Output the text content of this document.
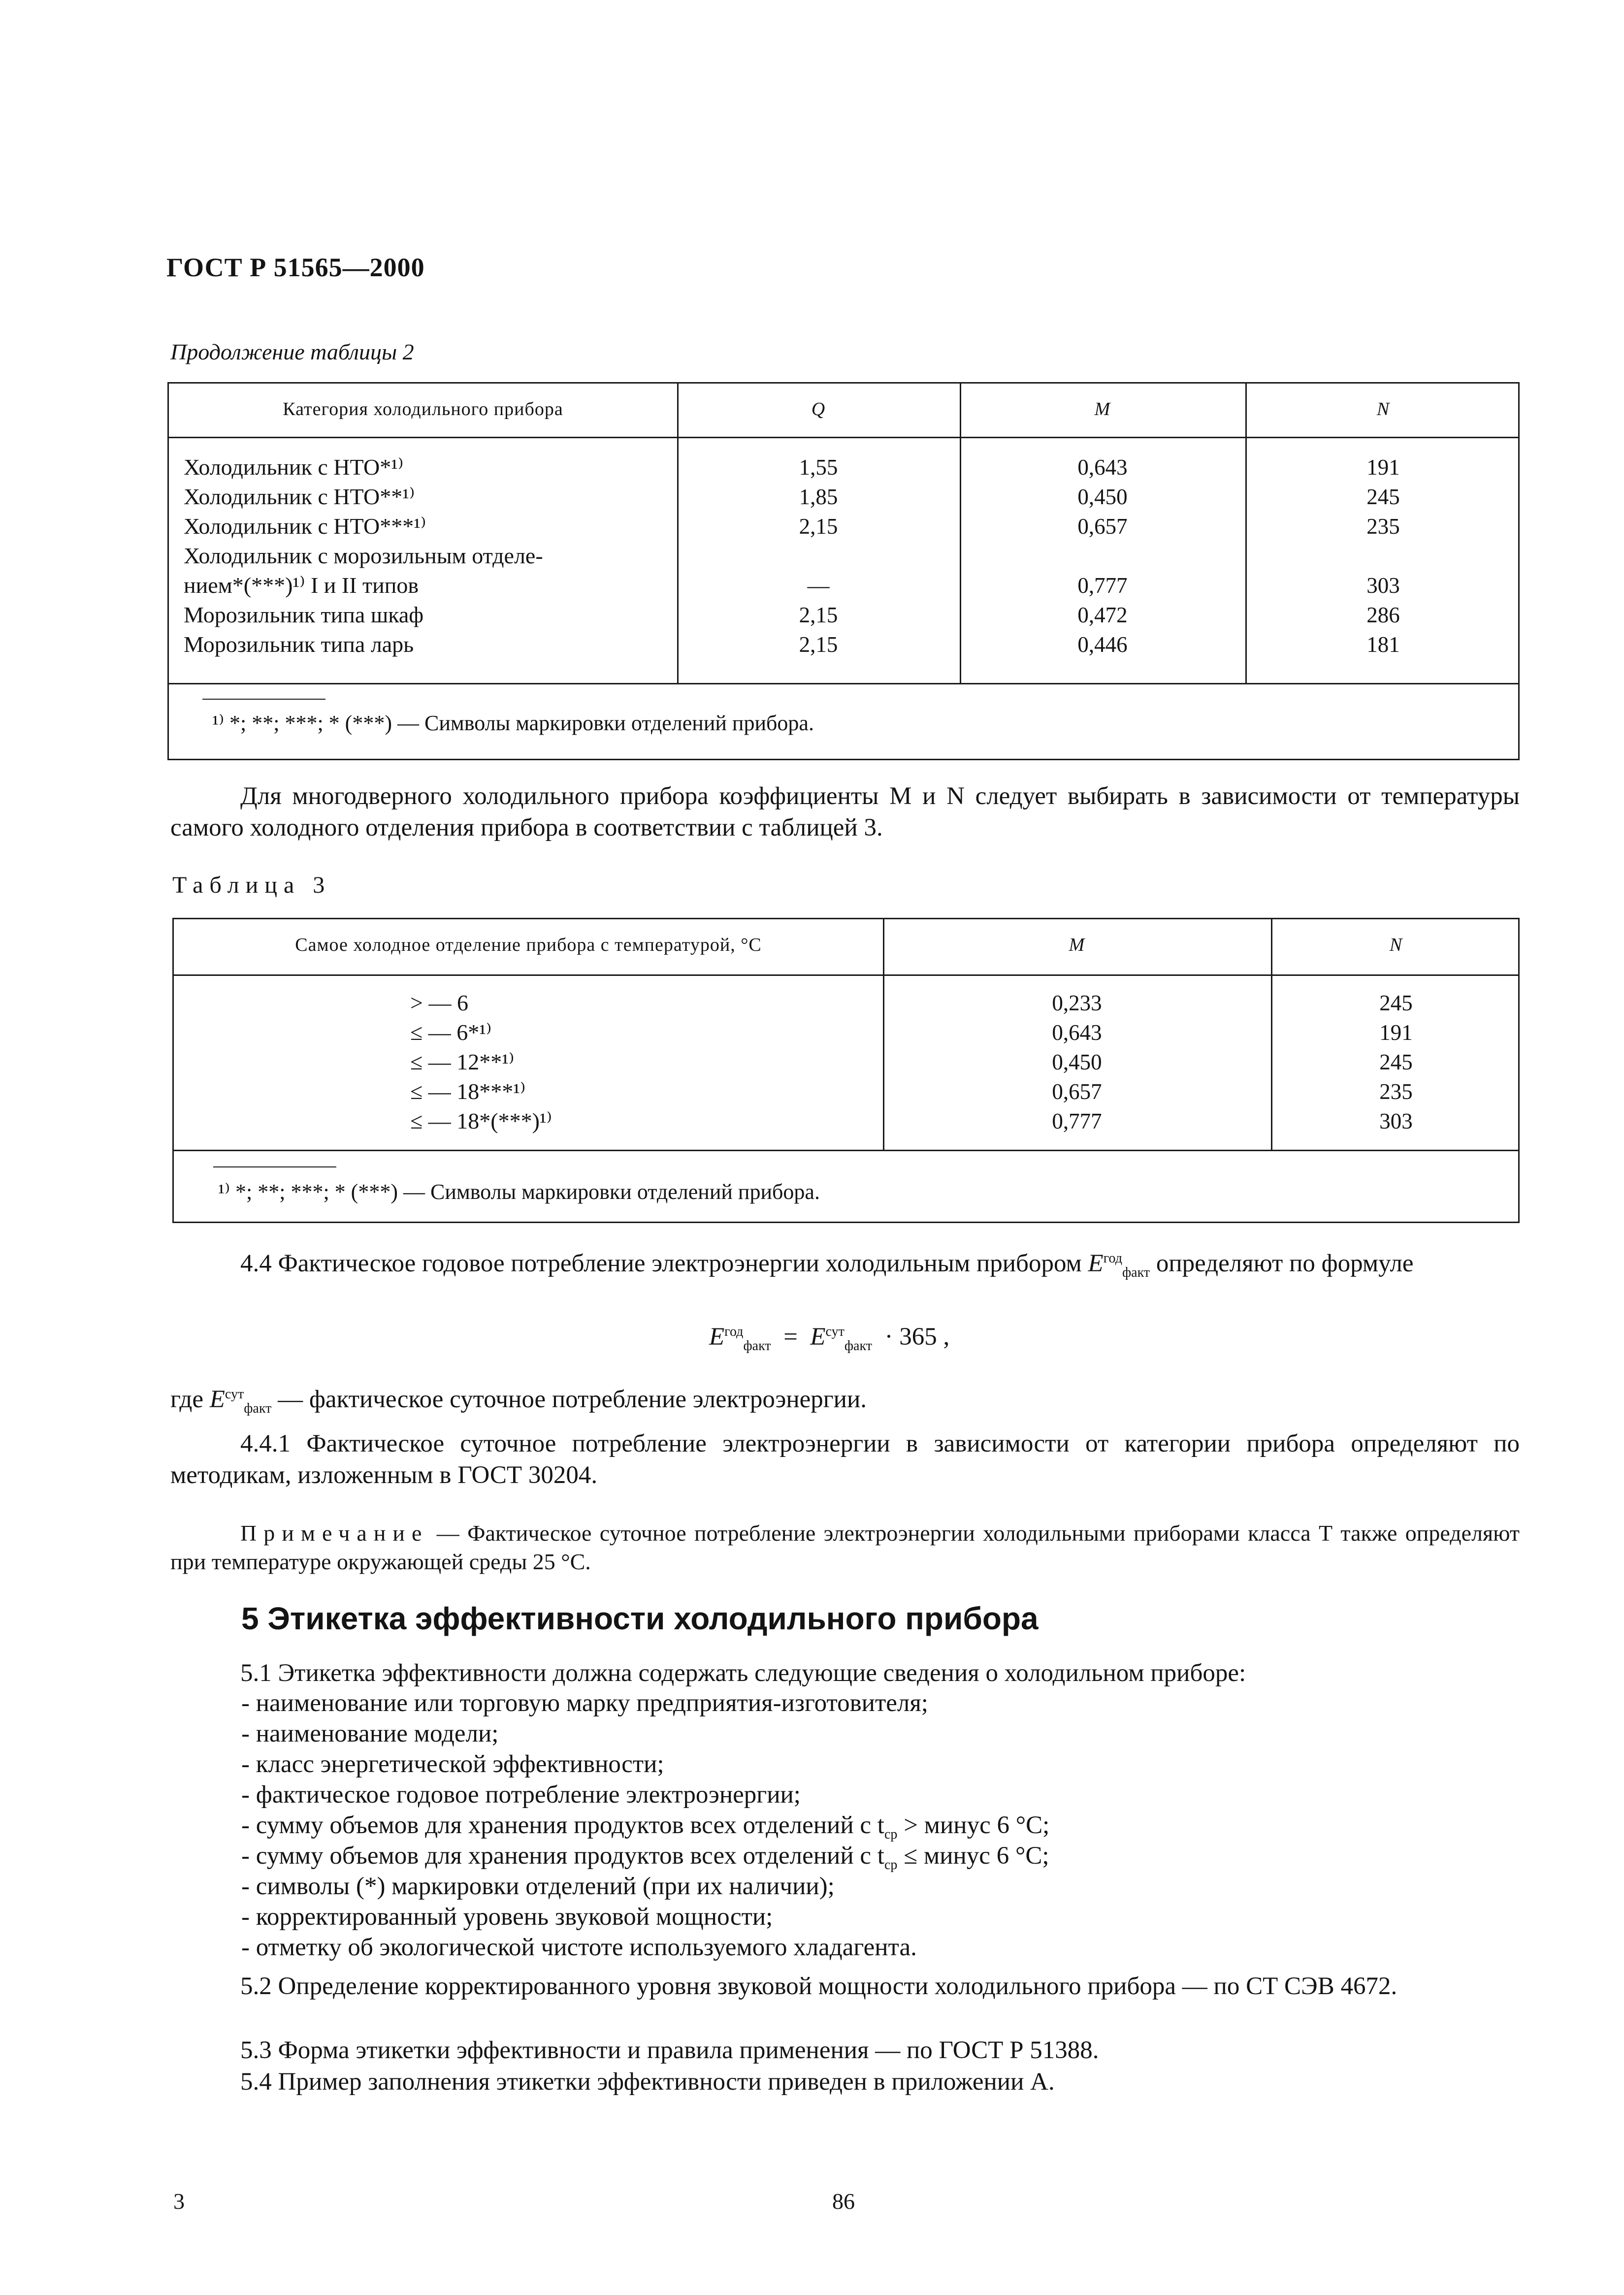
ГОСТ Р 51565—2000
Продолжение таблицы 2
Категория холодильного прибора	Q	M	N
Холодильник с НТО*¹⁾	1,55	0,643	191
Холодильник с НТО**¹⁾	1,85	0,450	245
Холодильник с НТО***¹⁾	2,15	0,657	235
Холодильник с морозильным отделе-
нием*(***)¹⁾ I и II типов	—	0,777	303
Морозильник типа шкаф	2,15	0,472	286
Морозильник типа ларь	2,15	0,446	181
¹⁾ *; **; ***; * (***) — Символы маркировки отделений прибора.
Для многодверного холодильного прибора коэффициенты M и N следует выбирать в зависимости от температуры самого холодного отделения прибора в соответствии с таблицей 3.
Таблица 3
Самое холодное отделение прибора с температурой, °С	M	N
> — 6	0,233	245
≤ — 6*¹⁾	0,643	191
≤ — 12**¹⁾	0,450	245
≤ — 18***¹⁾	0,657	235
≤ — 18*(***)¹⁾	0,777	303
¹⁾ *; **; ***; * (***) — Символы маркировки отделений прибора.
4.4 Фактическое годовое потребление электроэнергии холодильным прибором $E^{год}_{факт}$ определяют по формуле
$E^{год}_{факт} = E^{сут}_{факт} \cdot 365$ ,
где $E^{сут}_{факт}$ — фактическое суточное потребление электроэнергии.
4.4.1 Фактическое суточное потребление электроэнергии в зависимости от категории прибора определяют по методикам, изложенным в ГОСТ 30204.
Примечание — Фактическое суточное потребление электроэнергии холодильными приборами класса Т также определяют при температуре окружающей среды 25 °С.
5 Этикетка эффективности холодильного прибора
5.1 Этикетка эффективности должна содержать следующие сведения о холодильном приборе:
- наименование или торговую марку предприятия-изготовителя;
- наименование модели;
- класс энергетической эффективности;
- фактическое годовое потребление электроэнергии;
- сумму объемов для хранения продуктов всех отделений с $t_{ср}$ > минус 6 °С;
- сумму объемов для хранения продуктов всех отделений с $t_{ср}$ ≤ минус 6 °С;
- символы (*) маркировки отделений (при их наличии);
- корректированный уровень звуковой мощности;
- отметку об экологической чистоте используемого хладагента.
5.2 Определение корректированного уровня звуковой мощности холодильного прибора — по СТ СЭВ 4672.
5.3 Форма этикетки эффективности и правила применения — по ГОСТ Р 51388.
5.4 Пример заполнения этикетки эффективности приведен в приложении А.
3	86
